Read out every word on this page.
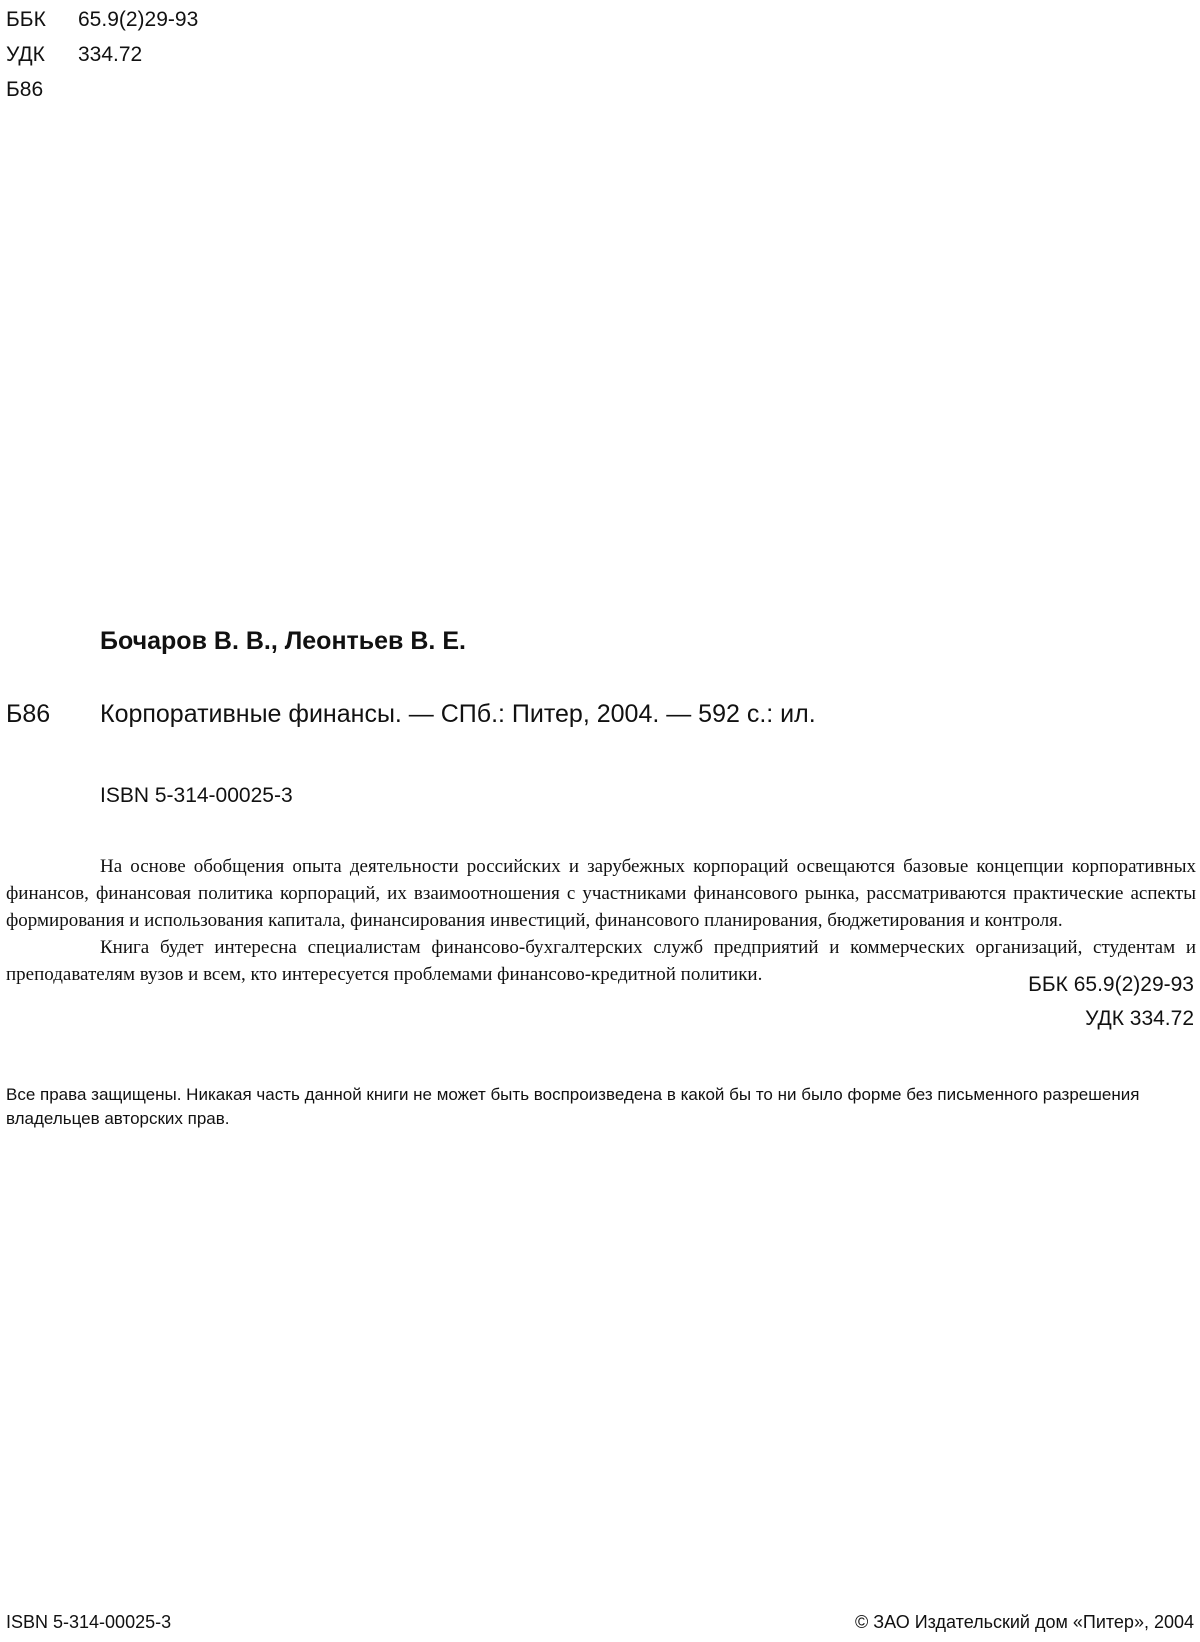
ББК	65.9(2)29-93
УДК	334.72
Б86
Бочаров В. В., Леонтьев В. Е.
Б86	Корпоративные финансы. — СПб.: Питер, 2004. — 592 с.: ил.
ISBN 5-314-00025-3

На основе обобщения опыта деятельности российских и зарубежных корпораций освещаются базовые концепции корпоративных финансов, финансовая политика корпораций, их взаимоотношения с участниками финансового рынка, рассматриваются практические аспекты формирования и использования капитала, финансирования инвестиций, финансового планирования, бюджетирования и контроля.

Книга будет интересна специалистам финансово-бухгалтерских служб предприятий и коммерческих организаций, студентам и преподавателям вузов и всем, кто интересуется проблемами финансово-кредитной политики.	ББК 65.9(2)29-93
УДК 334.72
Все права защищены. Никакая часть данной книги не может быть воспроизведена в какой бы то ни было форме без письменного разрешения владельцев авторских прав.
ISBN 5-314-00025-3	© ЗАО Издательский дом «Питер», 2004
